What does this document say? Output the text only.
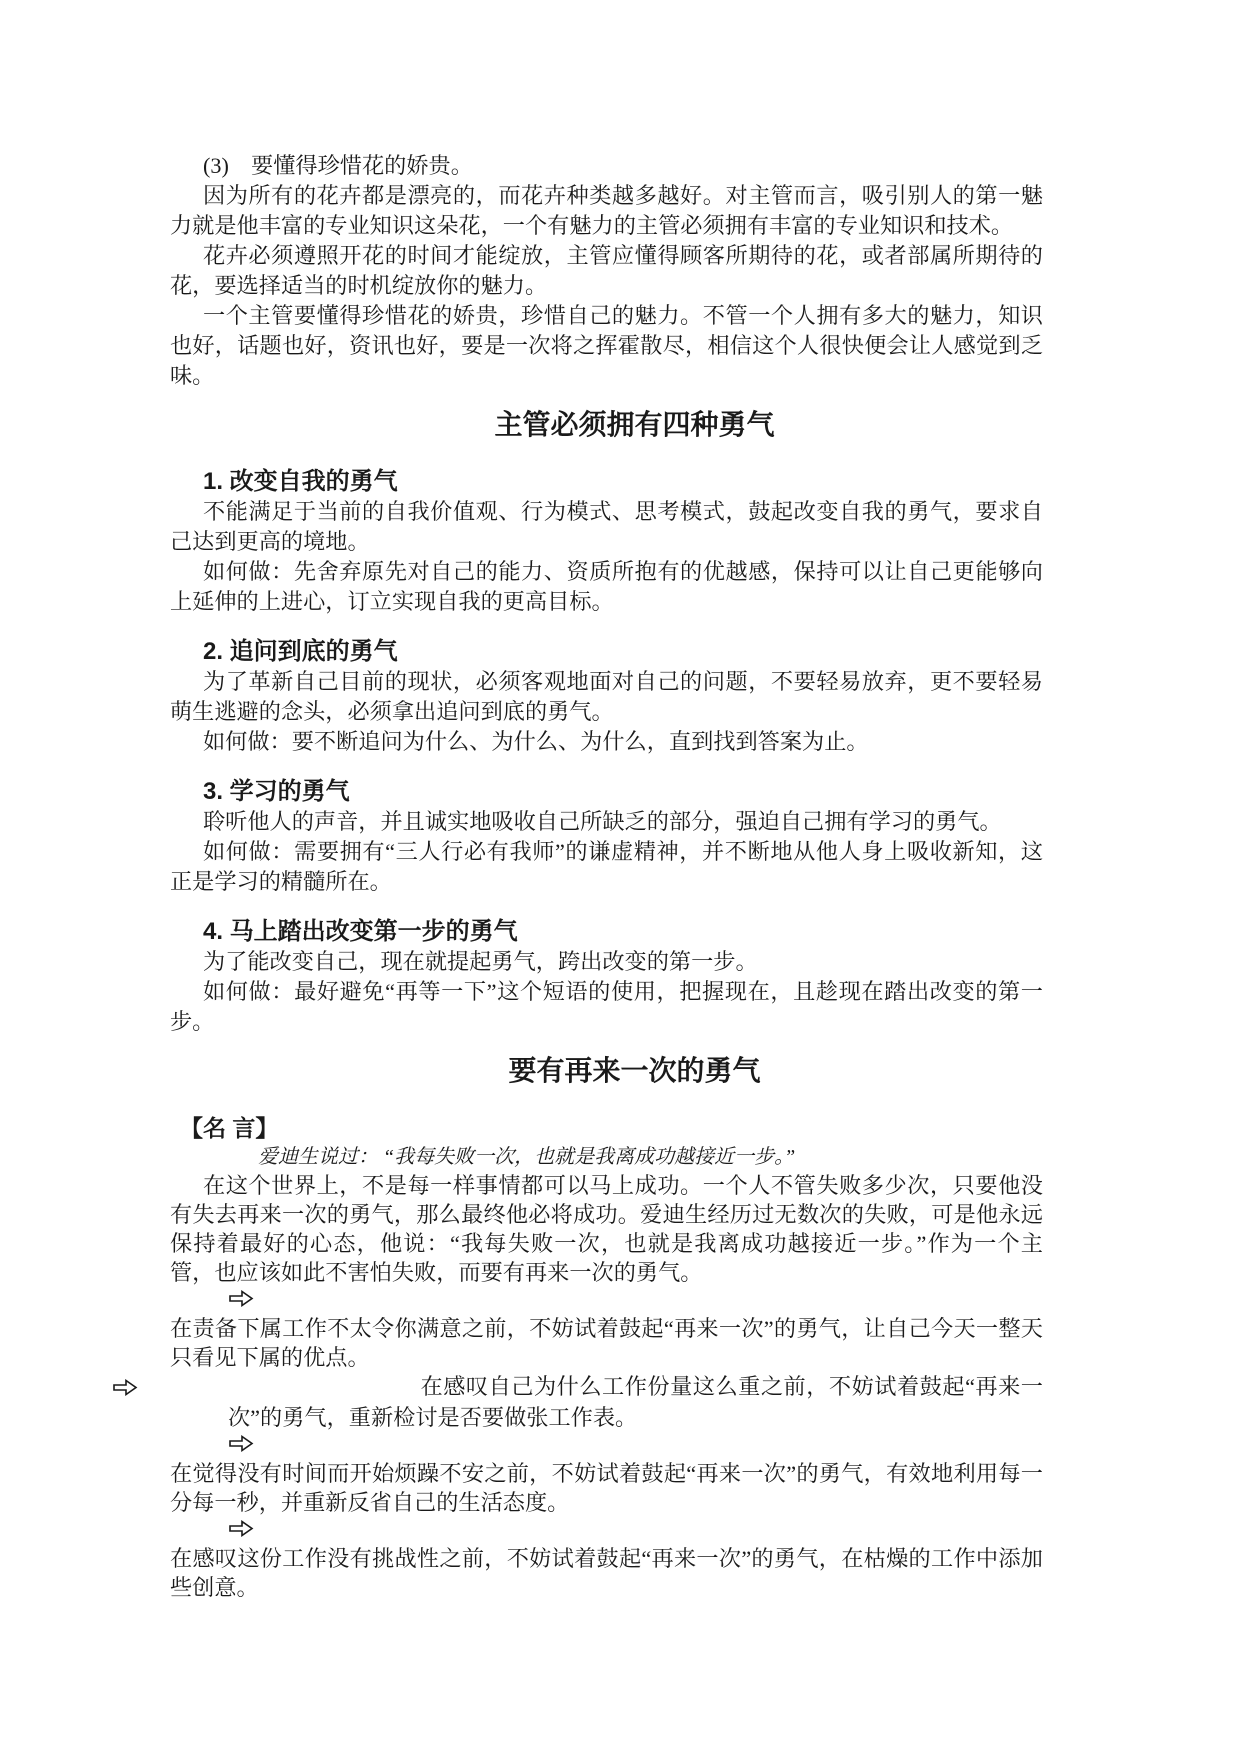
(3)　要懂得珍惜花的娇贵。

因为所有的花卉都是漂亮的，而花卉种类越多越好。对主管而言，吸引别人的第一魅力就是他丰富的专业知识这朵花，一个有魅力的主管必须拥有丰富的专业知识和技术。

花卉必须遵照开花的时间才能绽放，主管应懂得顾客所期待的花，或者部属所期待的花，要选择适当的时机绽放你的魅力。

一个主管要懂得珍惜花的娇贵，珍惜自己的魅力。不管一个人拥有多大的魅力，知识也好，话题也好，资讯也好，要是一次将之挥霍散尽，相信这个人很快便会让人感觉到乏味。

主管必须拥有四种勇气
1. 改变自我的勇气

不能满足于当前的自我价值观、行为模式、思考模式，鼓起改变自我的勇气，要求自己达到更高的境地。

如何做：先舍弃原先对自己的能力、资质所抱有的优越感，保持可以让自己更能够向上延伸的上进心，订立实现自我的更高目标。

2. 追问到底的勇气

为了革新自己目前的现状，必须客观地面对自己的问题，不要轻易放弃，更不要轻易萌生逃避的念头，必须拿出追问到底的勇气。

如何做：要不断追问为什么、为什么、为什么，直到找到答案为止。

3. 学习的勇气

聆听他人的声音，并且诚实地吸收自己所缺乏的部分，强迫自己拥有学习的勇气。

如何做：需要拥有“三人行必有我师”的谦虚精神，并不断地从他人身上吸收新知，这正是学习的精髓所在。

4. 马上踏出改变第一步的勇气

为了能改变自己，现在就提起勇气，跨出改变的第一步。

如何做：最好避免“再等一下”这个短语的使用，把握现在，且趁现在踏出改变的第一步。

要有再来一次的勇气

【名 言】

爱迪生说过： “我每失败一次，也就是我离成功越接近一步。”

在这个世界上，不是每一样事情都可以马上成功。一个人不管失败多少次，只要他没有失去再来一次的勇气，那么最终他必将成功。爱迪生经历过无数次的失败，可是他永远保持着最好的心态，他说：“我每失败一次，也就是我离成功越接近一步。”作为一个主管，也应该如此不害怕失败，而要有再来一次的勇气。

在责备下属工作不太令你满意之前，不妨试着鼓起“再来一次”的勇气，让自己今天一整天只看见下属的优点。

在感叹自己为什么工作份量这么重之前，不妨试着鼓起“再来一次”的勇气，重新检讨是否要做张工作表。

在觉得没有时间而开始烦躁不安之前，不妨试着鼓起“再来一次”的勇气，有效地利用每一分每一秒，并重新反省自己的生活态度。

在感叹这份工作没有挑战性之前，不妨试着鼓起“再来一次”的勇气，在枯燥的工作中添加些创意。
